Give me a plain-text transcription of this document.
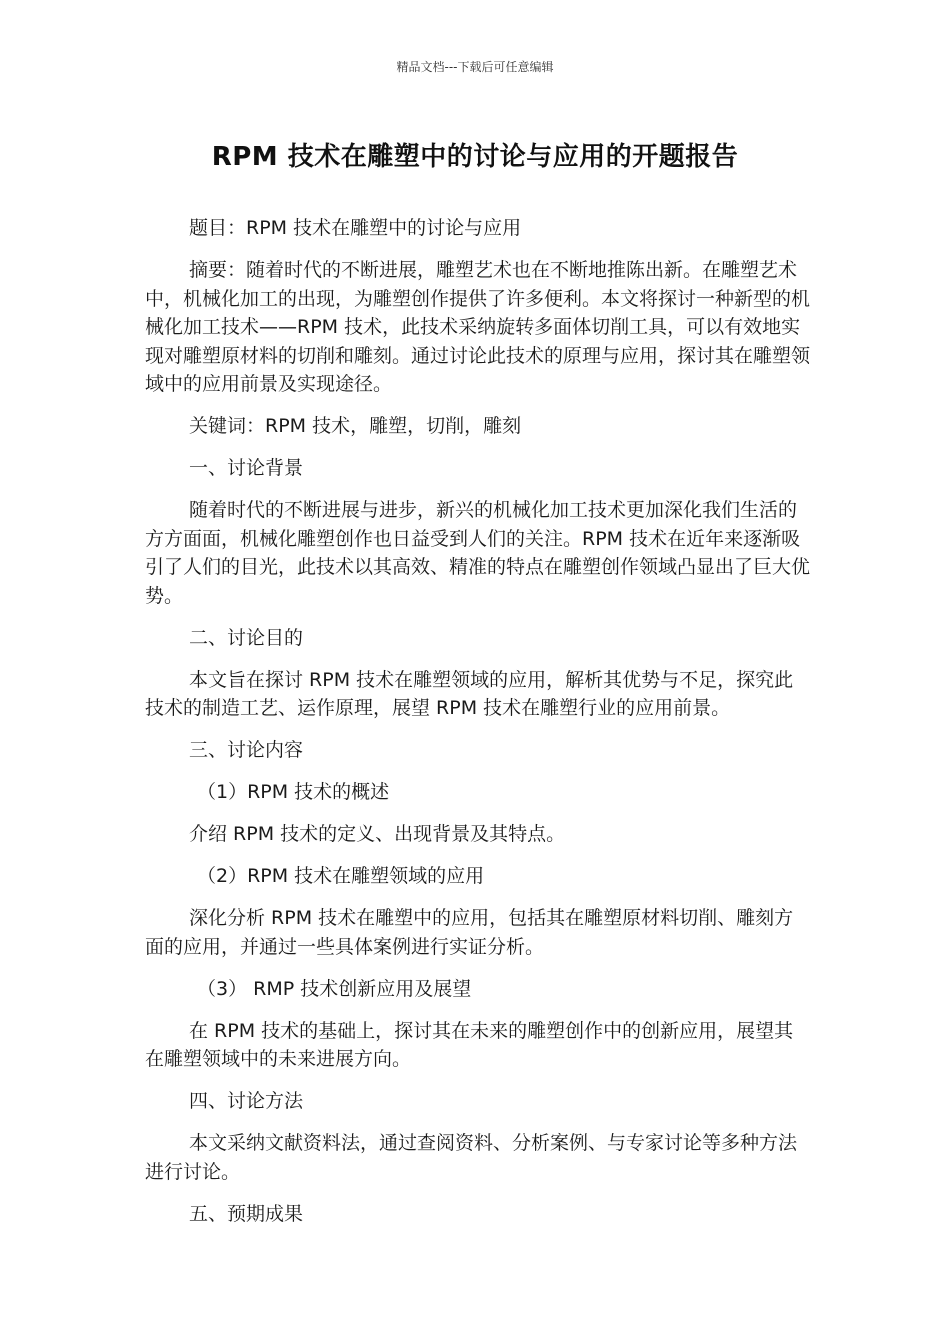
精品文档---下载后可任意编辑
RPM 技术在雕塑中的讨论与应用的开题报告

题目：RPM 技术在雕塑中的讨论与应用

摘要：随着时代的不断进展，雕塑艺术也在不断地推陈出新。在雕塑艺术中，机械化加工的出现，为雕塑创作提供了许多便利。本文将探讨一种新型的机械化加工技术——RPM 技术，此技术采纳旋转多面体切削工具，可以有效地实现对雕塑原材料的切削和雕刻。通过讨论此技术的原理与应用，探讨其在雕塑领域中的应用前景及实现途径。

关键词：RPM 技术，雕塑，切削，雕刻

一、讨论背景

随着时代的不断进展与进步，新兴的机械化加工技术更加深化我们生活的方方面面，机械化雕塑创作也日益受到人们的关注。RPM 技术在近年来逐渐吸引了人们的目光，此技术以其高效、精准的特点在雕塑创作领域凸显出了巨大优势。

二、讨论目的

本文旨在探讨 RPM 技术在雕塑领域的应用，解析其优势与不足，探究此技术的制造工艺、运作原理，展望 RPM 技术在雕塑行业的应用前景。

三、讨论内容

（1）RPM 技术的概述

介绍 RPM 技术的定义、出现背景及其特点。

（2）RPM 技术在雕塑领域的应用

深化分析 RPM 技术在雕塑中的应用，包括其在雕塑原材料切削、雕刻方面的应用，并通过一些具体案例进行实证分析。

（3） RMP 技术创新应用及展望

在 RPM 技术的基础上，探讨其在未来的雕塑创作中的创新应用，展望其在雕塑领域中的未来进展方向。

四、讨论方法

本文采纳文献资料法，通过查阅资料、分析案例、与专家讨论等多种方法进行讨论。

五、预期成果
